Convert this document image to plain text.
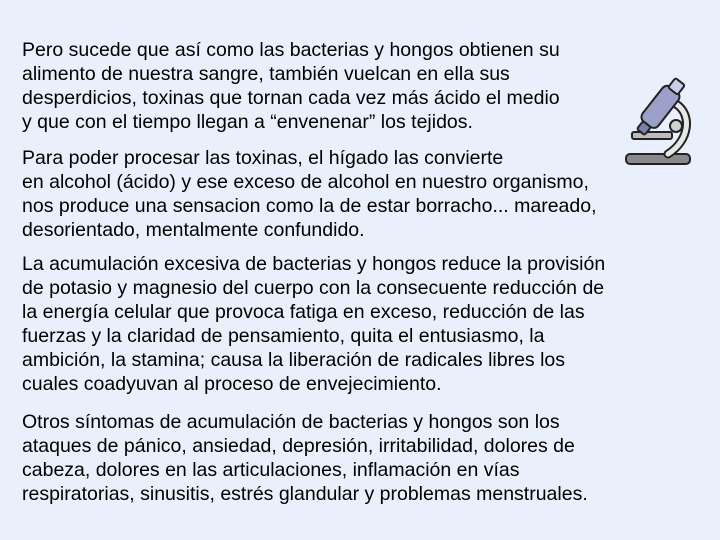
Pero sucede que así como las bacterias y hongos obtienen su
alimento de nuestra sangre, también vuelcan en ella sus
desperdicios, toxinas que tornan cada vez más ácido el medio
y que con el tiempo llegan a “envenenar” los tejidos.

Para poder procesar las toxinas, el hígado las convierte
en alcohol (ácido) y ese exceso de alcohol en nuestro organismo,
nos produce una sensacion como la de estar borracho... mareado,
desorientado, mentalmente confundido.

La acumulación excesiva de bacterias y hongos reduce la provisión
de potasio y magnesio del cuerpo con la consecuente reducción de
la energía celular que provoca fatiga en exceso, reducción de las
fuerzas y la claridad de pensamiento, quita el entusiasmo, la
ambición, la stamina; causa la liberación de radicales libres los
cuales coadyuvan al proceso de envejecimiento.

Otros síntomas de acumulación de bacterias y hongos son los
ataques de pánico, ansiedad, depresión, irritabilidad, dolores de
cabeza, dolores en las articulaciones, inflamación en vías
respiratorias, sinusitis, estrés glandular y problemas menstruales.
